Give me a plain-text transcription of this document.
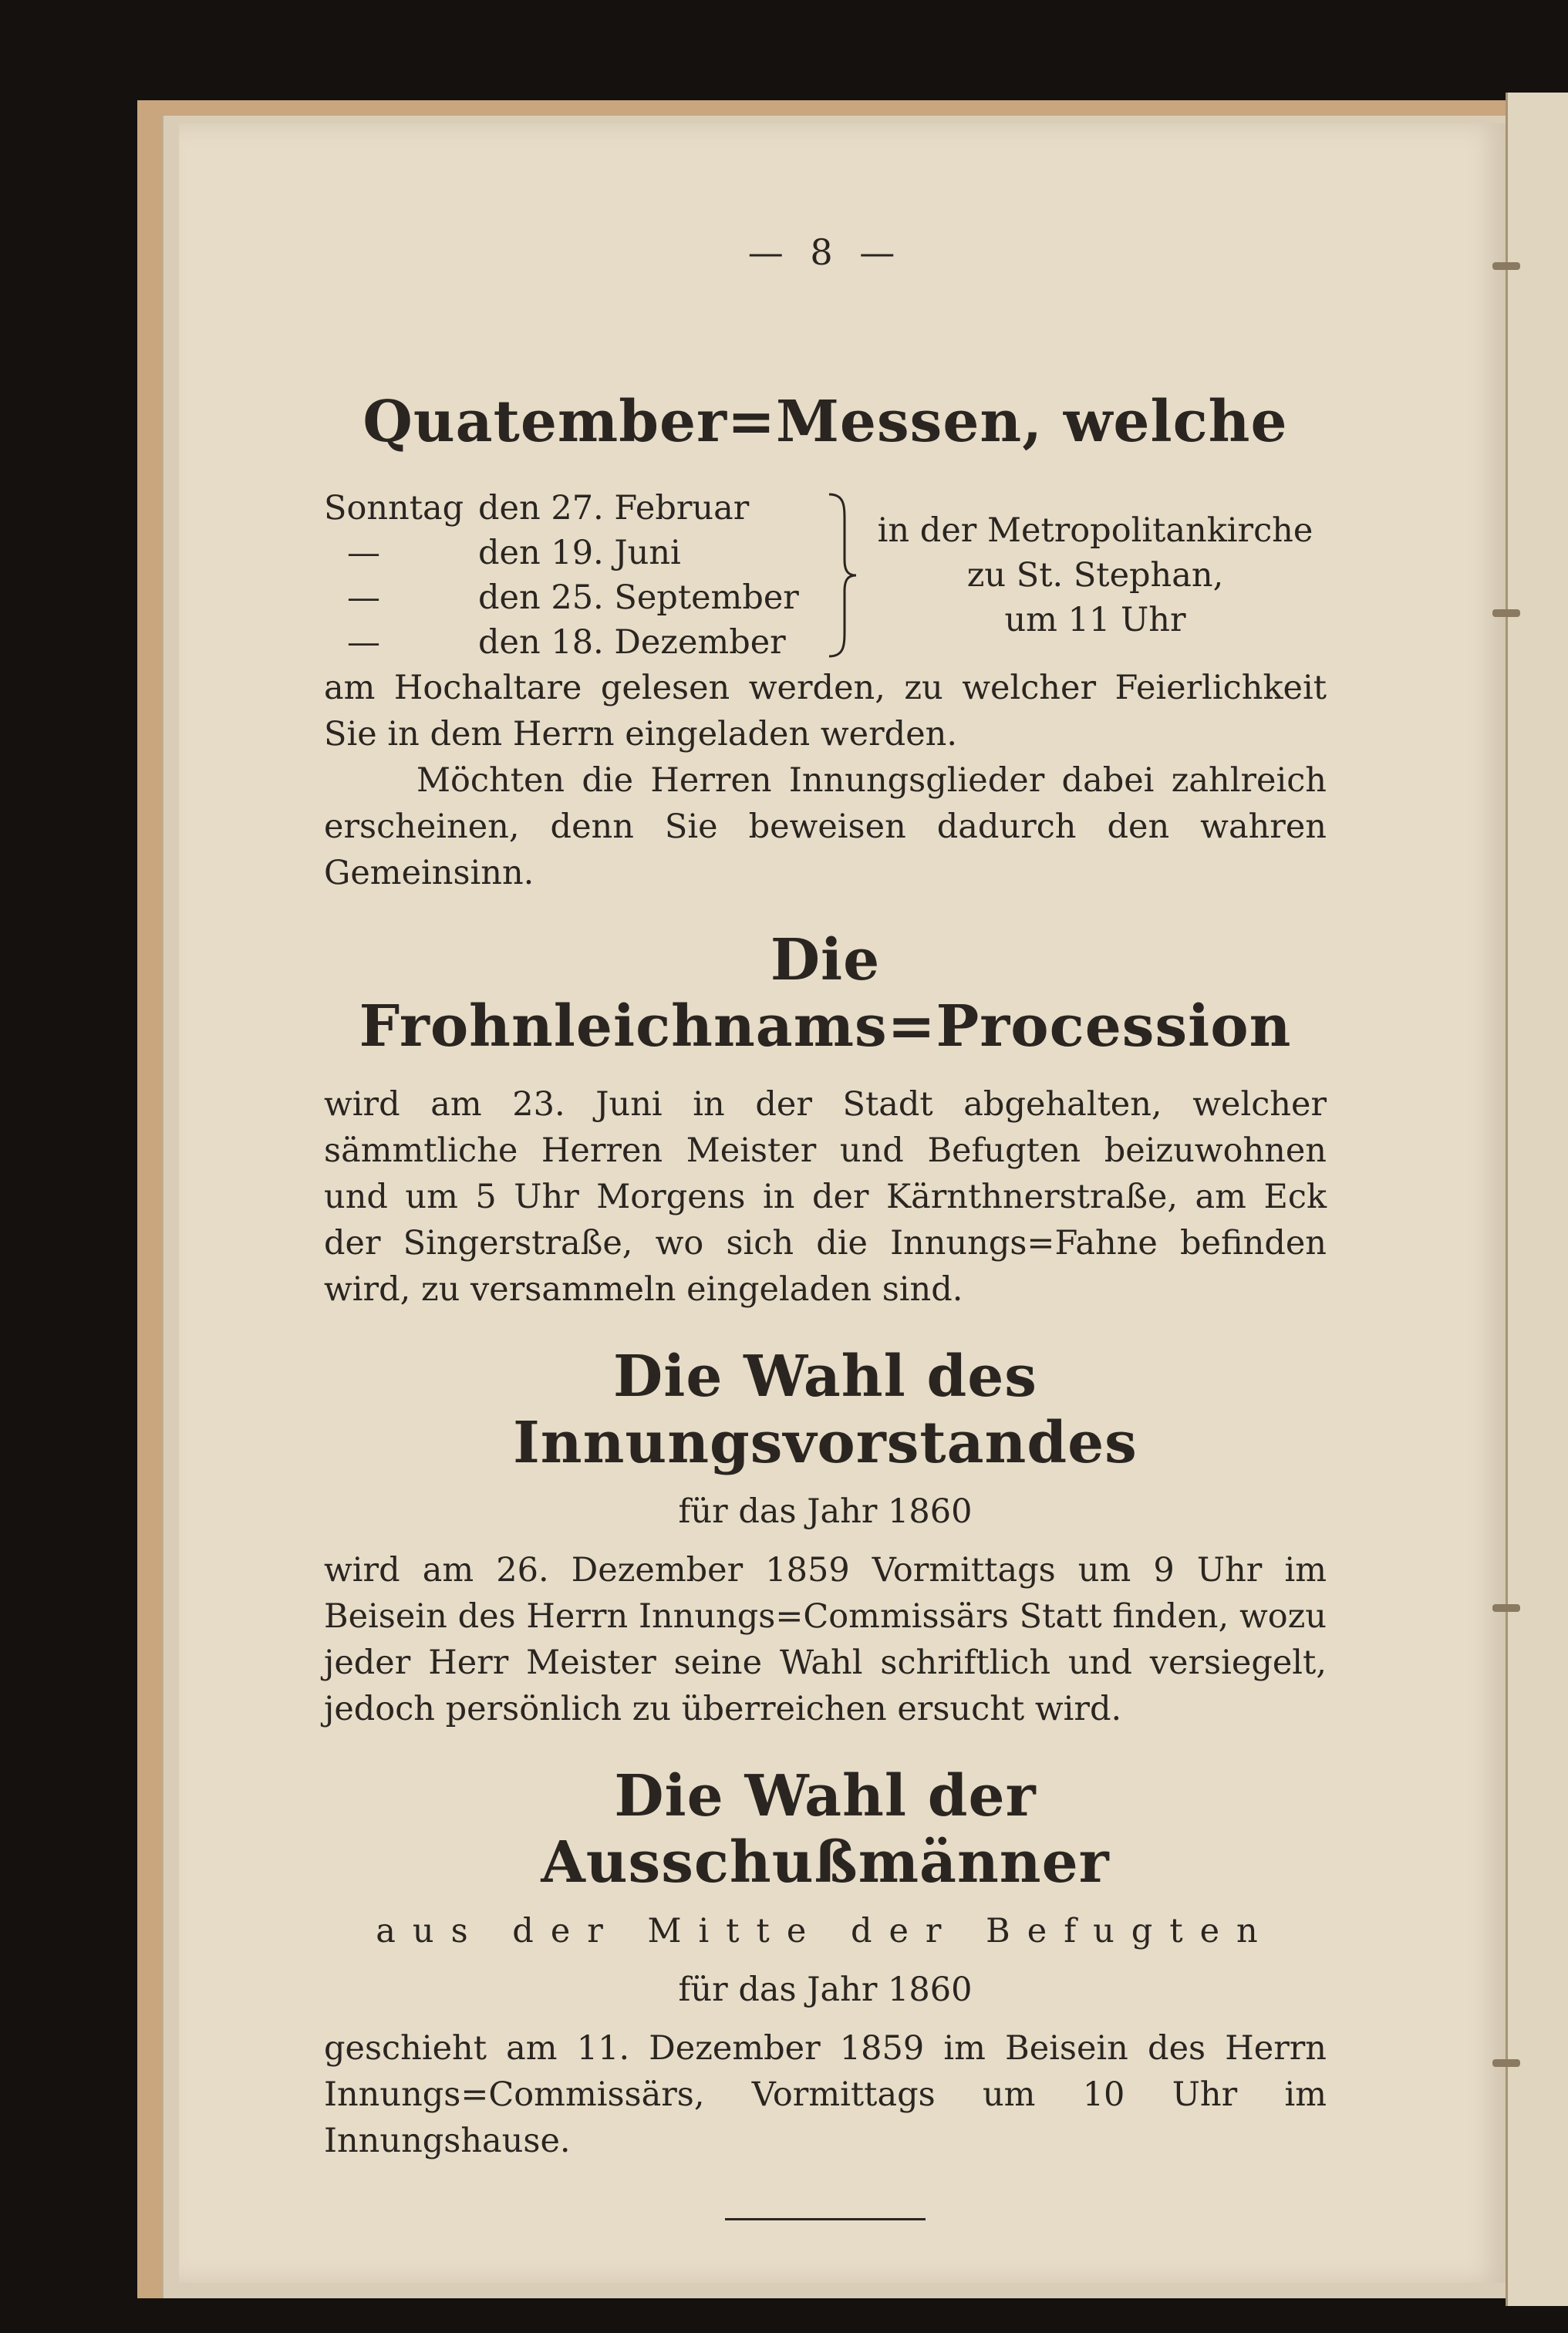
— 8 —
Quatember=Messen, welche
Sonntag den 27. Februar
—	den 19. Juni
—	den 25. September
—	den 18. Dezember
in der Metropolitankirche
zu St. Stephan,
um 11 Uhr

am Hochaltare gelesen werden, zu welcher Feierlichkeit Sie in dem Herrn eingeladen werden.

Möchten die Herren Innungsglieder dabei zahlreich erscheinen, denn Sie beweisen dadurch den wahren Gemeinsinn.

Die Frohnleichnams=Procession

wird am 23. Juni in der Stadt abgehalten, welcher sämmtliche Herren Meister und Befugten beizuwohnen und um 5 Uhr Morgens in der Kärnthnerstraße, am Eck der Singerstraße, wo sich die Innungs=Fahne befinden wird, zu versammeln eingeladen sind.

Die Wahl des Innungsvorstandes
für das Jahr 1860

wird am 26. Dezember 1859 Vormittags um 9 Uhr im Beisein des Herrn Innungs=Commissärs Statt finden, wozu jeder Herr Meister seine Wahl schriftlich und versiegelt, jedoch persönlich zu überreichen ersucht wird.

Die Wahl der Ausschußmänner
aus der Mitte der Befugten
für das Jahr 1860

geschieht am 11. Dezember 1859 im Beisein des Herrn Innungs=Commissärs, Vormittags um 10 Uhr im Innungshause.
